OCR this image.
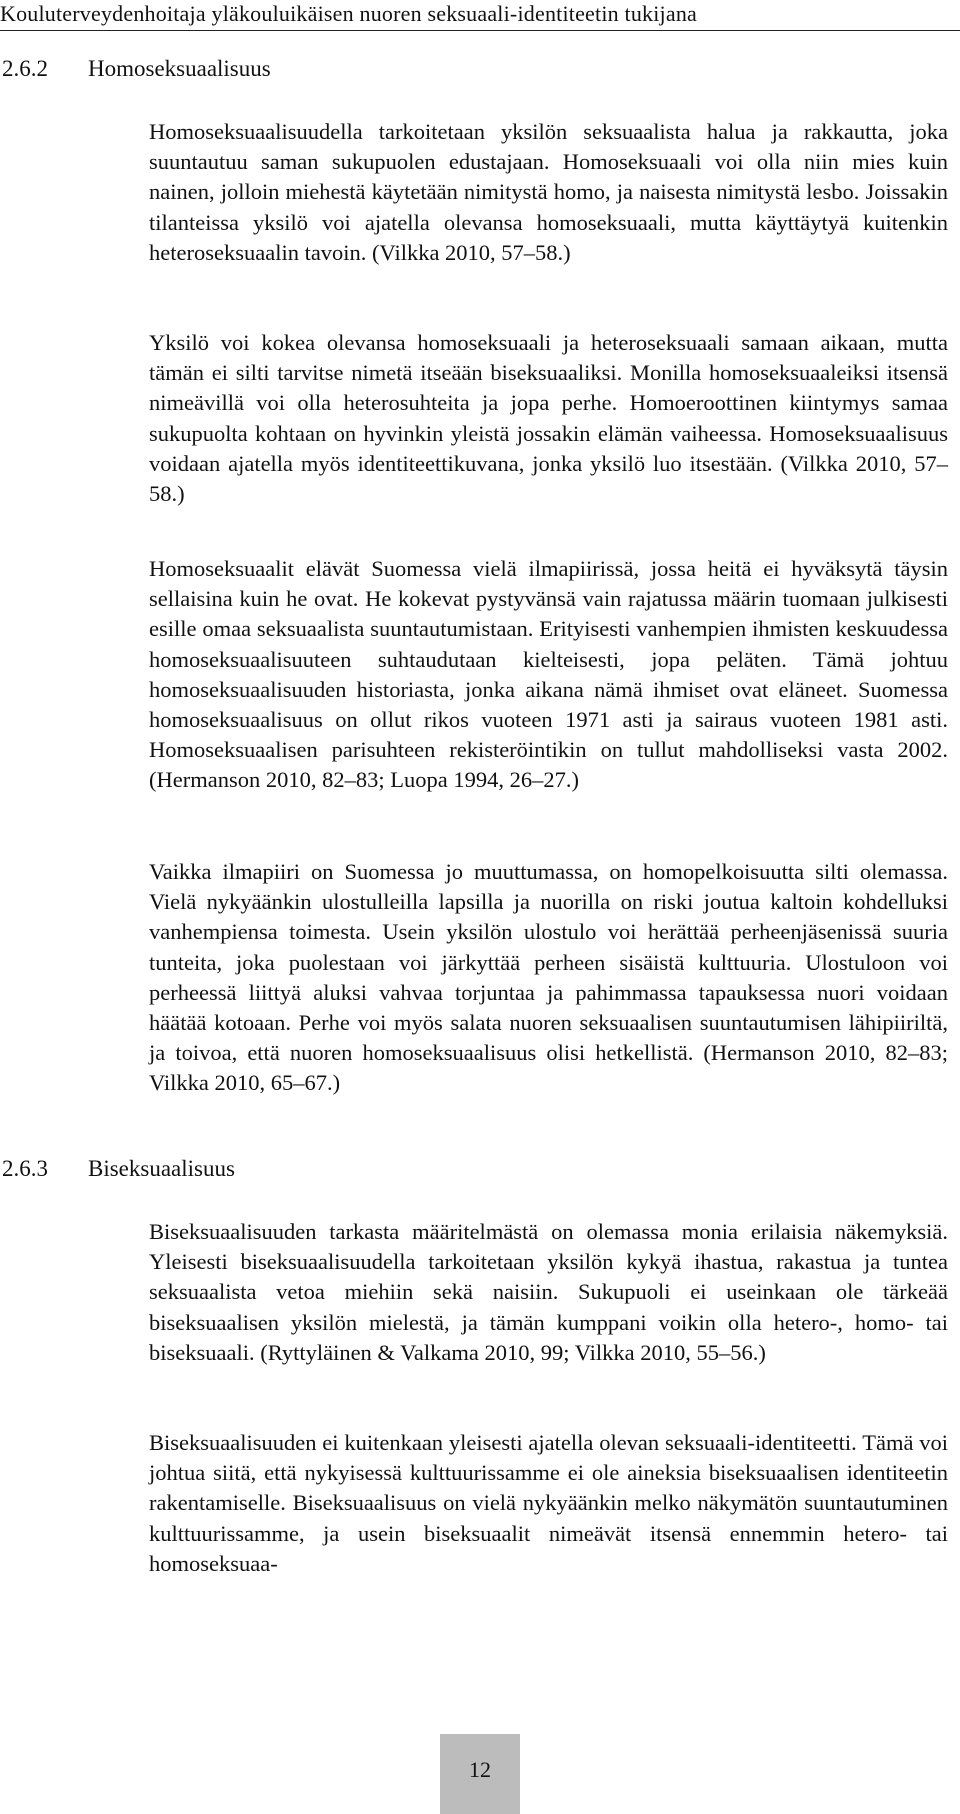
Kouluterveydenhoitaja yläkouluikäisen nuoren seksuaali-identiteetin tukijana
2.6.2 Homoseksuaalisuus
Homoseksuaalisuudella tarkoitetaan yksilön seksuaalista halua ja rakkautta, joka suuntautuu saman sukupuolen edustajaan. Homoseksuaali voi olla niin mies kuin nainen, jolloin miehestä käytetään nimitystä homo, ja naisesta nimitystä lesbo. Joissakin tilanteissa yksilö voi ajatella olevansa homoseksuaali, mutta käyttäytyä kuitenkin heteroseksuaalin tavoin. (Vilkka 2010, 57–58.)
Yksilö voi kokea olevansa homoseksuaali ja heteroseksuaali samaan aikaan, mutta tämän ei silti tarvitse nimetä itseään biseksuaaliksi. Monilla homoseksuaaleiksi itsensä nimeävillä voi olla heterosuhteita ja jopa perhe. Homoeroottinen kiintymys samaa sukupuolta kohtaan on hyvinkin yleistä jossakin elämän vaiheessa. Homoseksuaalisuus voidaan ajatella myös identiteettikuvana, jonka yksilö luo itsestään. (Vilkka 2010, 57–58.)
Homoseksuaalit elävät Suomessa vielä ilmapiirissä, jossa heitä ei hyväksytä täysin sellaisina kuin he ovat. He kokevat pystyvänsä vain rajatussa määrin tuomaan julkisesti esille omaa seksuaalista suuntautumistaan. Erityisesti vanhempien ihmisten keskuudessa homoseksuaalisuuteen suhtaudutaan kielteisesti, jopa peläten. Tämä johtuu homoseksuaalisuuden historiasta, jonka aikana nämä ihmiset ovat eläneet. Suomessa homoseksuaalisuus on ollut rikos vuoteen 1971 asti ja sairaus vuoteen 1981 asti. Homoseksuaalisen parisuhteen rekisteröintikin on tullut mahdolliseksi vasta 2002. (Hermanson 2010, 82–83; Luopa 1994, 26–27.)
Vaikka ilmapiiri on Suomessa jo muuttumassa, on homopelkoisuutta silti olemassa. Vielä nykyäänkin ulostulleilla lapsilla ja nuorilla on riski joutua kaltoin kohdelluksi vanhempiensa toimesta. Usein yksilön ulostulo voi herättää perheenjäsenissä suuria tunteita, joka puolestaan voi järkyttää perheen sisäistä kulttuuria. Ulostuloon voi perheessä liittyä aluksi vahvaa torjuntaa ja pahimmassa tapauksessa nuori voidaan häätää kotoaan. Perhe voi myös salata nuoren seksuaalisen suuntautumisen lähipiiriltä, ja toivoa, että nuoren homoseksuaalisuus olisi hetkellistä. (Hermanson 2010, 82–83; Vilkka 2010, 65–67.)
2.6.3 Biseksuaalisuus
Biseksuaalisuuden tarkasta määritelmästä on olemassa monia erilaisia näkemyksiä. Yleisesti biseksuaalisuudella tarkoitetaan yksilön kykyä ihastua, rakastua ja tuntea seksuaalista vetoa miehiin sekä naisiin. Sukupuoli ei useinkaan ole tärkeää biseksuaalisen yksilön mielestä, ja tämän kumppani voikin olla hetero-, homo- tai biseksuaali. (Ryttyläinen & Valkama 2010, 99; Vilkka 2010, 55–56.)
Biseksuaalisuuden ei kuitenkaan yleisesti ajatella olevan seksuaali-identiteetti. Tämä voi johtua siitä, että nykyisessä kulttuurissamme ei ole aineksia biseksuaalisen identiteetin rakentamiselle. Biseksuaalisuus on vielä nykyäänkin melko näkymätön suuntautuminen kulttuurissamme, ja usein biseksuaalit nimeävät itsensä ennemmin hetero- tai homoseksuaa-
12
